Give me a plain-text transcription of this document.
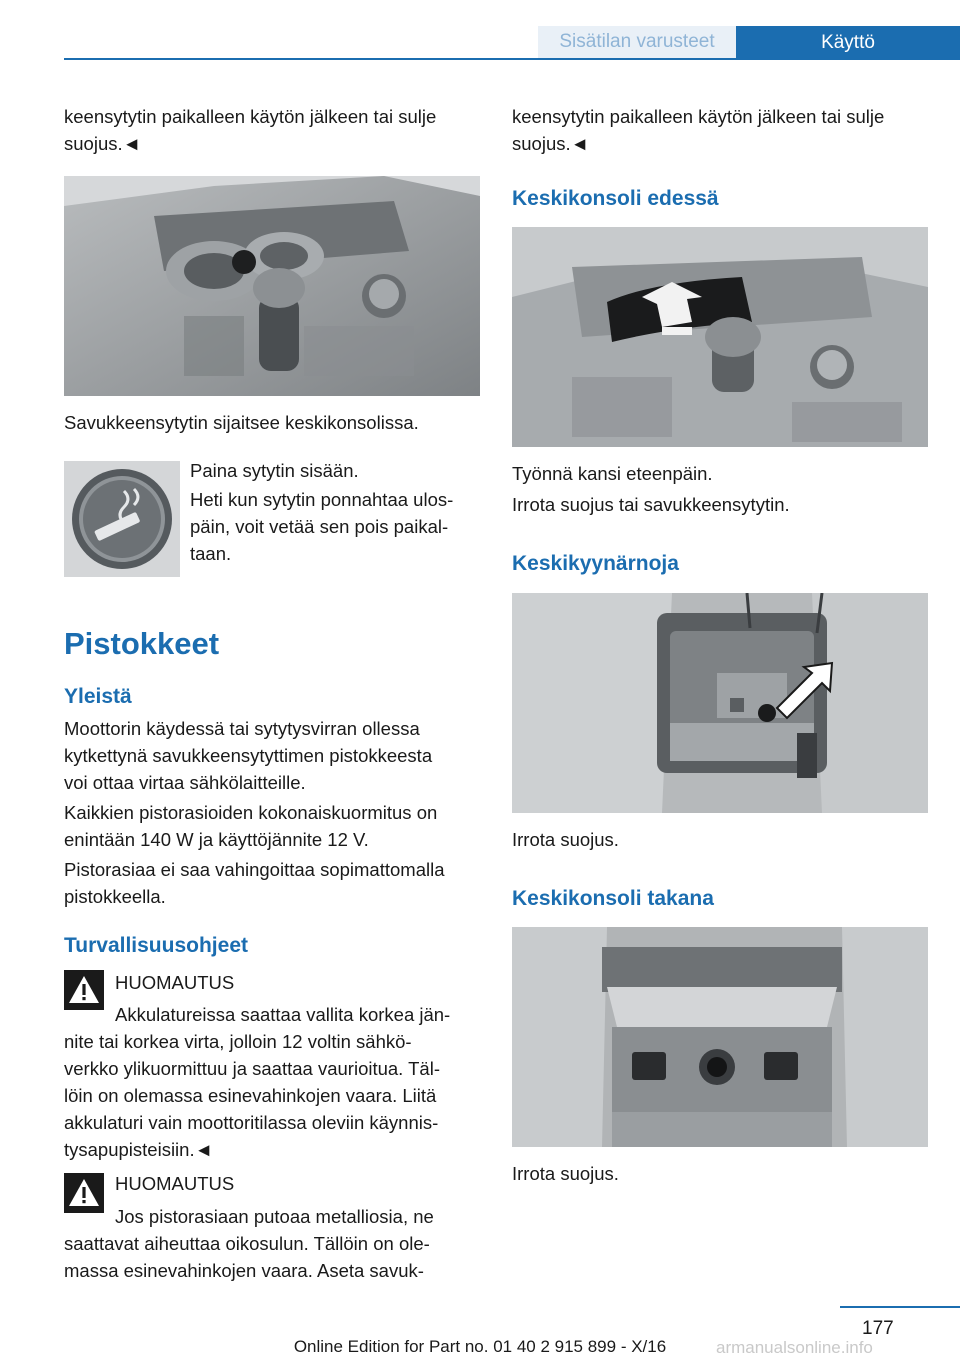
Sisätilan varusteet	Käyttö

keensytytin paikalleen käytön jälkeen tai sulje

suojus.◄

Savukkeensytytin sijaitsee keskikonsolissa.

Paina sytytin sisään.

Heti kun sytytin ponnahtaa ulos-

päin, voit vetää sen pois paikal-

taan.

Pistokkeet
Yleistä

Moottorin käydessä tai sytytysvirran ollessa

kytkettynä savukkeensytyttimen pistokkeesta

voi ottaa virtaa sähkölaitteille.

Kaikkien pistorasioiden kokonaiskuormitus on

enintään 140 W ja käyttöjännite 12 V.

Pistorasiaa ei saa vahingoittaa sopimattomalla

pistokkeella.

Turvallisuusohjeet

HUOMAUTUS

Akkulatureissa saattaa vallita korkea jän-

nite tai korkea virta, jolloin 12 voltin sähkö-

verkko ylikuormittuu ja saattaa vaurioitua. Täl-

löin on olemassa esinevahinkojen vaara. Liitä

akkulaturi vain moottoritilassa oleviin käynnis-

tysapupisteisiin.◄

HUOMAUTUS

Jos pistorasiaan putoaa metalliosia, ne

saattavat aiheuttaa oikosulun. Tällöin on ole-

massa esinevahinkojen vaara. Aseta savuk-

keensytytin paikalleen käytön jälkeen tai sulje

suojus.◄

Keskikonsoli edessä

Työnnä kansi eteenpäin.

Irrota suojus tai savukkeensytytin.

Keskikyynärnoja

Irrota suojus.

Keskikonsoli takana

Irrota suojus.

177
armanualsonline.info
Online Edition for Part no. 01 40 2 915 899 - X/16
